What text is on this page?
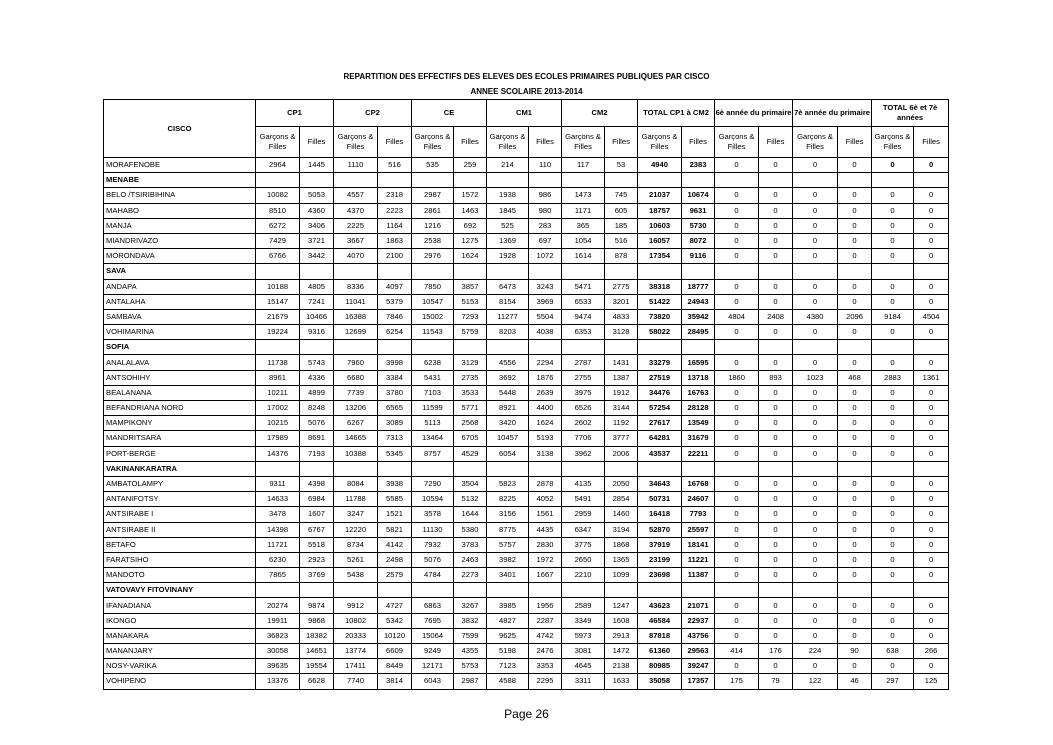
REPARTITION DES EFFECTIFS DES ELEVES DES ECOLES PRIMAIRES PUBLIQUES PAR CISCO
ANNEE SCOLAIRE 2013-2014
CISCO	CP1		CP2		CE		CM1		CM2		TOTAL CP1 à CM2		6è année du primaire		7è année du primaire		TOTAL 6è et 7è années	
	Garçons & Filles	Filles	Garçons & Filles	Filles	Garçons & Filles	Filles	Garçons & Filles	Filles	Garçons & Filles	Filles	Garçons & Filles	Filles	Garçons & Filles	Filles	Garçons & Filles	Filles	Garçons & Filles	Filles
MORAFENOBE	2964	1445	1110	516	535	259	214	110	117	53	4940	2383	0	0	0	0	0	0
MENABE																		
BELO /TSIRIBIHINA	10082	5053	4557	2318	2987	1572	1938	986	1473	745	21037	10674	0	0	0	0	0	0
MAHABO	8510	4360	4370	2223	2861	1463	1845	980	1171	605	18757	9631	0	0	0	0	0	0
MANJA	6272	3406	2225	1164	1216	692	525	283	365	185	10603	5730	0	0	0	0	0	0
MIANDRIVAZO	7429	3721	3667	1863	2538	1275	1369	697	1054	516	16057	8072	0	0	0	0	0	0
MORONDAVA	6766	3442	4070	2100	2976	1624	1928	1072	1614	878	17354	9116	0	0	0	0	0	0
SAVA																		
ANDAPA	10188	4805	8336	4097	7850	3857	6473	3243	5471	2775	38318	18777	0	0	0	0	0	0
ANTALAHA	15147	7241	11041	5379	10547	5153	8154	3969	6533	3201	51422	24943	0	0	0	0	0	0
SAMBAVA	21679	10466	16388	7846	15002	7293	11277	5504	9474	4833	73820	35942	4804	2408	4380	2096	9184	4504
VOHIMARINA	19224	9316	12699	6254	11543	5759	8203	4038	6353	3128	58022	28495	0	0	0	0	0	0
SOFIA																		
ANALALAVA	11738	5743	7960	3998	6238	3129	4556	2294	2787	1431	33279	16595	0	0	0	0	0	0
ANTSOHIHY	8961	4336	6680	3384	5431	2735	3692	1876	2755	1387	27519	13718	1860	893	1023	468	2883	1361
BEALANANA	10211	4899	7739	3780	7103	3533	5448	2639	3975	1912	34476	16763	0	0	0	0	0	0
BEFANDRIANA NORD	17002	8248	13206	6565	11599	5771	8921	4400	6526	3144	57254	28128	0	0	0	0	0	0
MAMPIKONY	10215	5076	6267	3089	5113	2568	3420	1624	2602	1192	27617	13549	0	0	0	0	0	0
MANDRITSARA	17989	8691	14665	7313	13464	6705	10457	5193	7706	3777	64281	31679	0	0	0	0	0	0
PORT-BERGE	14376	7193	10388	5345	8757	4529	6054	3138	3962	2006	43537	22211	0	0	0	0	0	0
VAKINANKARATRA																		
AMBATOLAMPY	9311	4398	8084	3938	7290	3504	5823	2878	4135	2050	34643	16768	0	0	0	0	0	0
ANTANIFOTSY	14633	6984	11788	5585	10594	5132	8225	4052	5491	2854	50731	24607	0	0	0	0	0	0
ANTSIRABE I	3478	1607	3247	1521	3578	1644	3156	1561	2959	1460	16418	7793	0	0	0	0	0	0
ANTSIRABE II	14398	6767	12220	5821	11130	5380	8775	4435	6347	3194	52870	25597	0	0	0	0	0	0
BETAFO	11721	5518	8734	4142	7932	3783	5757	2830	3775	1868	37919	18141	0	0	0	0	0	0
FARATSIHO	6230	2923	5261	2498	5076	2463	3982	1972	2650	1365	23199	11221	0	0	0	0	0	0
MANDOTO	7865	3769	5438	2579	4784	2273	3401	1667	2210	1099	23698	11387	0	0	0	0	0	0
VATOVAVY FITOVINANY																		
IFANADIANA	20274	9874	9912	4727	6863	3267	3985	1956	2589	1247	43623	21071	0	0	0	0	0	0
IKONGO	19911	9868	10802	5342	7695	3832	4827	2287	3349	1608	46584	22937	0	0	0	0	0	0
MANAKARA	36823	18382	20333	10120	15064	7599	9625	4742	5973	2913	87818	43756	0	0	0	0	0	0
MANANJARY	30058	14651	13774	6609	9249	4355	5198	2476	3081	1472	61360	29563	414	176	224	90	638	266
NOSY-VARIKA	39635	19554	17411	8449	12171	5753	7123	3353	4645	2138	80985	39247	0	0	0	0	0	0
VOHIPENO	13376	6628	7740	3814	6043	2987	4588	2295	3311	1633	35058	17357	175	79	122	46	297	125
Page 26
